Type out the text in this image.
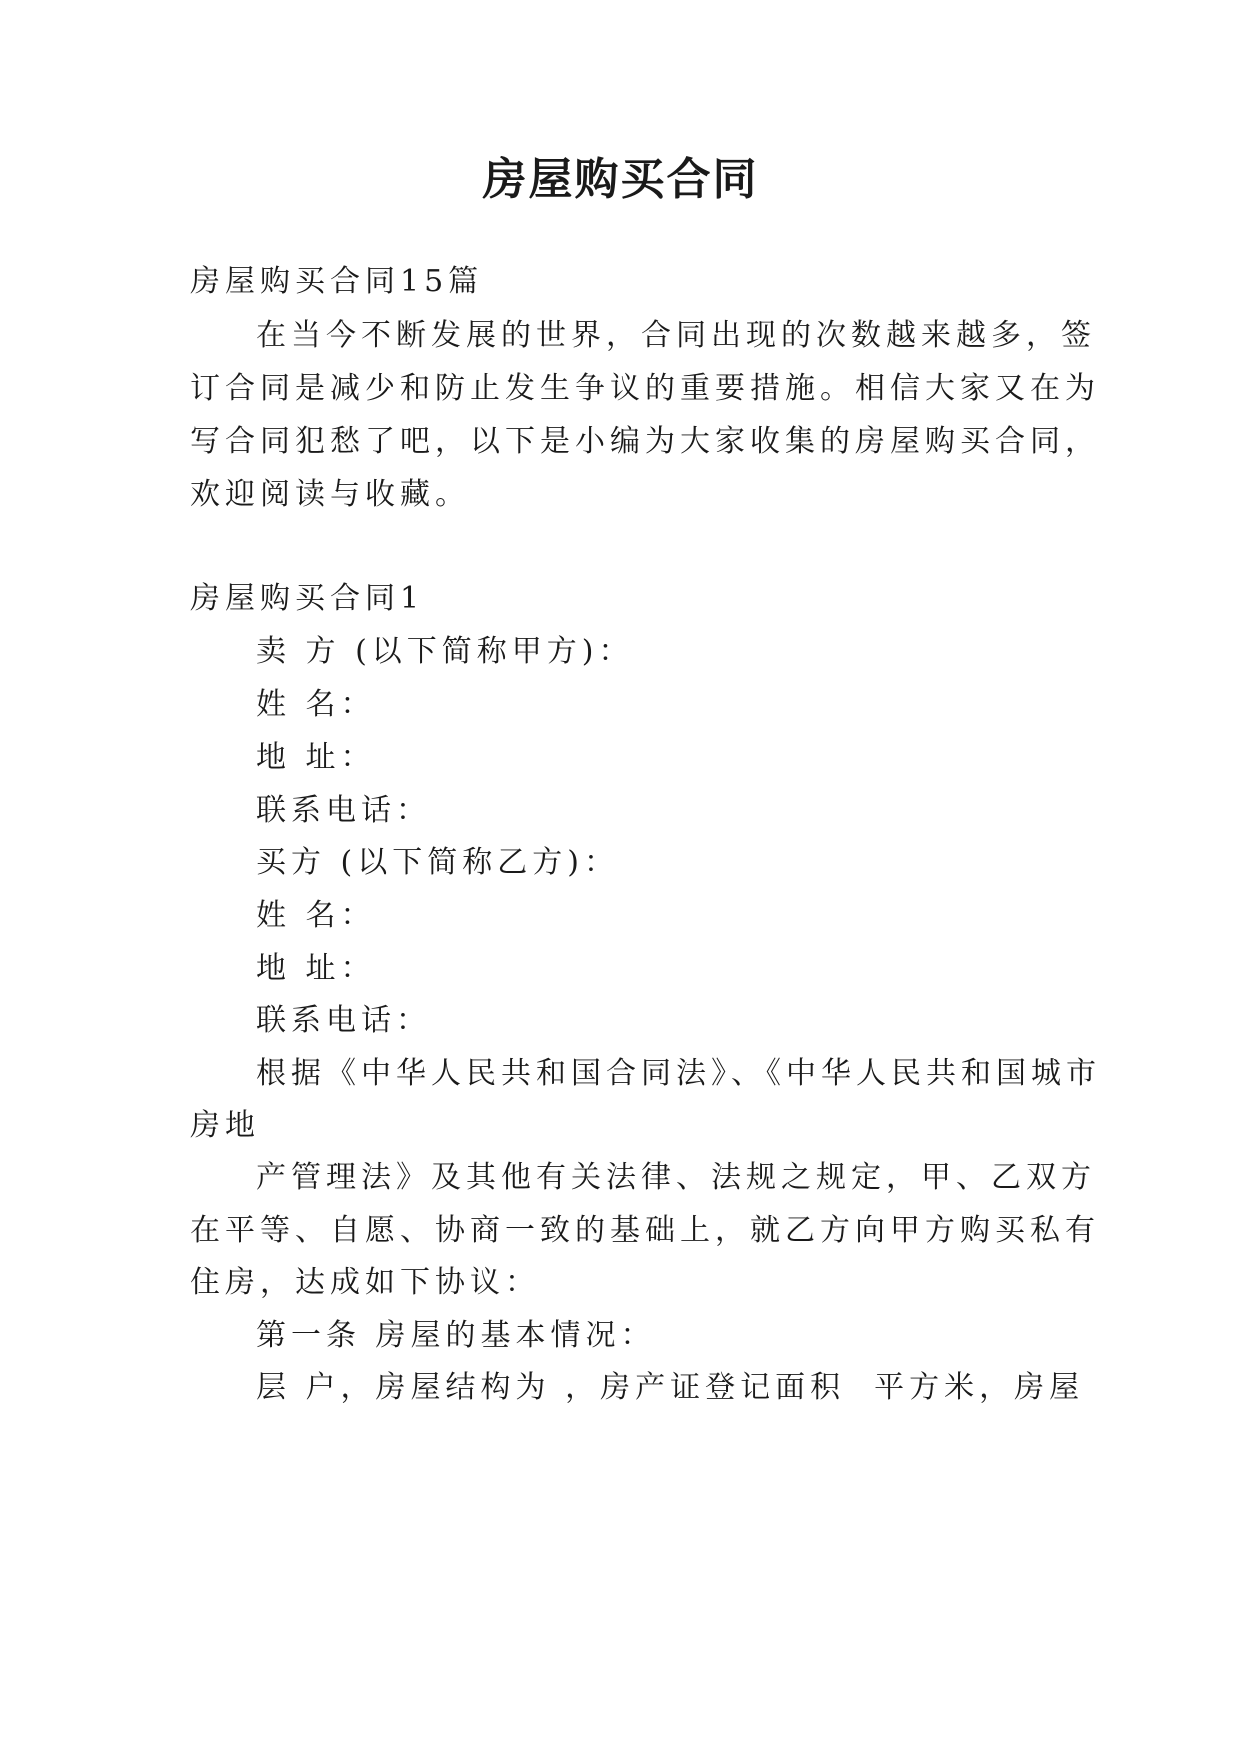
房屋购买合同
房屋购买合同15篇
在当今不断发展的世界，合同出现的次数越来越多，签
订合同是减少和防止发生争议的重要措施。相信大家又在为
写合同犯愁了吧，以下是小编为大家收集的房屋购买合同，
欢迎阅读与收藏。
房屋购买合同1
卖 方 (以下简称甲方)：
姓 名：
地 址：
联系电话：
买方 (以下简称乙方)：
姓 名：
地 址：
联系电话：
根据《中华人民共和国合同法》、《中华人民共和国城市
房地
产管理法》及其他有关法律、法规之规定，甲、乙双方
在平等、自愿、协商一致的基础上，就乙方向甲方购买私有
住房，达成如下协议：
第一条 房屋的基本情况：
层 户，房屋结构为 ，房产证登记面积  平方米，房屋
